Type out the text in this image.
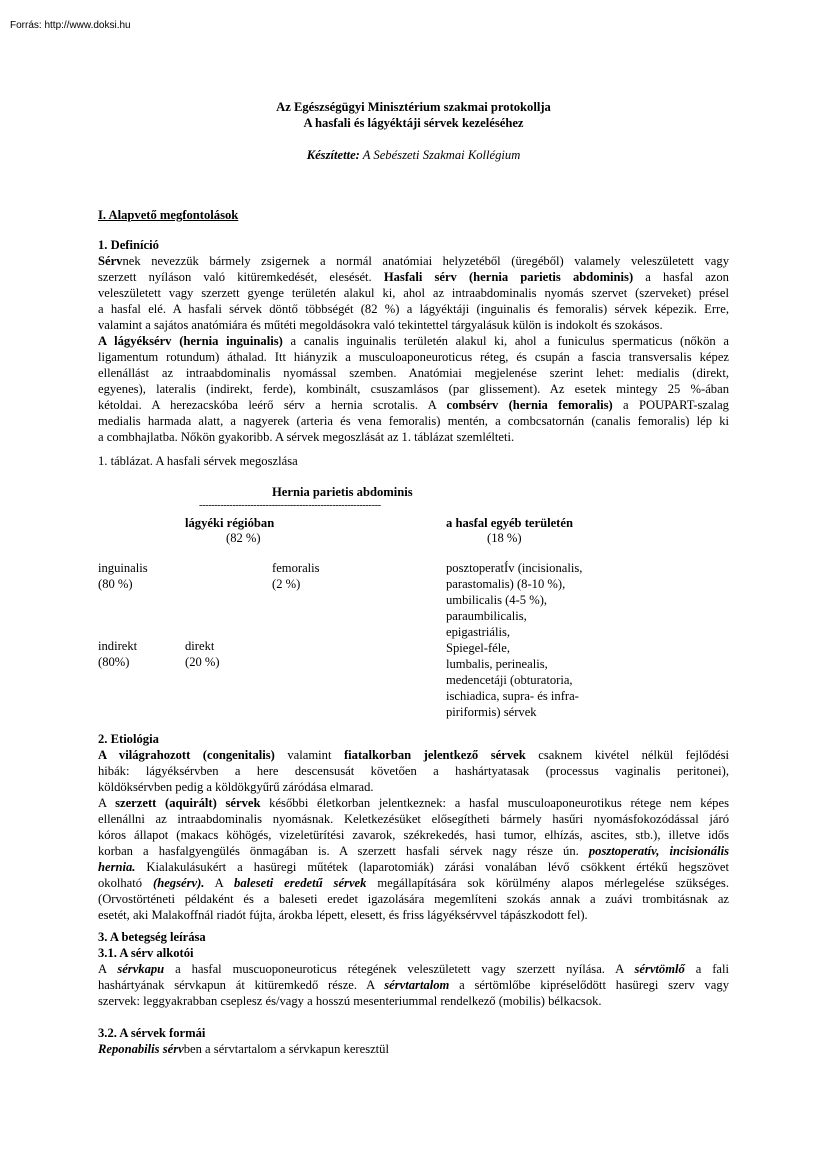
Forrás: http://www.doksi.hu
Az Egészségügyi Minisztérium szakmai protokollja
A hasfali és lágyéktáji sérvek kezeléséhez
Készítette: A Sebészeti Szakmai Kollégium
I. Alapvető megfontolások
1. Definíció
Sérvnek nevezzük bármely zsigernek a normál anatómiai helyzetéből (üregéből) valamely veleszületett vagy
szerzett nyíláson való kitüremkedését, elesését. Hasfali sérv (hernia parietis abdominis) a hasfal azon
veleszületett vagy szerzett gyenge területén alakul ki, ahol az intraabdominalis nyomás szervet (szerveket) présel
a hasfal elé. A hasfali sérvek döntő többségét (82 %) a lágyéktáji (inguinalis és femoralis) sérvek képezik. Erre,
valamint a sajátos anatómiára és műtéti megoldásokra való tekintettel tárgyalásuk külön is indokolt és szokásos.
A lágyéksérv (hernia inguinalis) a canalis inguinalis területén alakul ki, ahol a funiculus spermaticus (nőkön a
ligamentum rotundum) áthalad. Itt hiányzik a musculoaponeuroticus réteg, és csupán a fascia transversalis képez
ellenállást az intraabdominalis nyomással szemben. Anatómiai megjelenése szerint lehet: medialis (direkt,
egyenes), lateralis (indirekt, ferde), kombinált, csuszamlásos (par glissement). Az esetek mintegy 25 %-ában
kétoldai. A herezacskóba leérő sérv a hernia scrotalis. A combsérv (hernia femoralis) a POUPART-szalag
medialis harmada alatt, a nagyerek (arteria és vena femoralis) mentén, a combcsatornán (canalis femoralis) lép ki
a combhajlatba. Nőkön gyakoribb. A sérvek megoszlását az 1. táblázat szemlélteti.
1. táblázat. A hasfali sérvek megoszlása
Hernia parietis abdominis
------------------------------------------------------------
lágyéki régióban
(82 %)
a hasfal egyéb területén
(18 %)
inguinalis
(80 %)
femoralis
(2 %)
indirekt
(80%)
direkt
(20 %)
posztoperatÍv (incisionalis,
parastomalis) (8-10 %),
umbilicalis (4-5 %),
paraumbilicalis,
epigastriális,
Spiegel-féle,
lumbalis, perinealis,
medencetáji (obturatoria,
ischiadica, supra- és infra-
piriformis) sérvek
2. Etiológia
A világrahozott (congenitalis) valamint fiatalkorban jelentkező sérvek csaknem kivétel nélkül fejlődési
hibák: lágyéksérvben a here descensusát követően a hashártyatasak (processus vaginalis peritonei),
köldöksérvben pedig a köldökgyűrű záródása elmarad.
A szerzett (aquirált) sérvek későbbi életkorban jelentkeznek: a hasfal musculoaponeurotikus rétege nem képes
ellenállni az intraabdominalis nyomásnak. Keletkezésüket elősegítheti bármely hasűri nyomásfokozódással járó
kóros állapot (makacs köhögés, vizeletürítési zavarok, székrekedés, hasi tumor, elhízás, ascites, stb.), illetve idős
korban a hasfalgyengülés önmagában is. A szerzett hasfali sérvek nagy része ún. posztoperatív, incisionális
hernia. Kialakulásukért a hasüregi műtétek (laparotomiák) zárási vonalában lévő csökkent értékű hegszövet
okolható (hegsérv). A baleseti eredetű sérvek megállapítására sok körülmény alapos mérlegelése szükséges.
(Orvostörténeti példaként és a baleseti eredet igazolására megemlíteni szokás annak a zuávi trombitásnak az
esetét, aki Malakoffnál riadót fújta, árokba lépett, elesett, és friss lágyéksérvvel tápászkodott fel).
3. A betegség leírása
3.1. A sérv alkotói
A sérvkapu a hasfal muscuoponeuroticus rétegének veleszületett vagy szerzett nyílása. A sérvtömlő a fali
hashártyának sérvkapun át kitüremkedő része. A sérvtartalom a sértömlőbe kipréselődött hasüregi szerv vagy
szervek: leggyakrabban cseplesz és/vagy a hosszú mesenteriummal rendelkező (mobilis) bélkacsok.
3.2. A sérvek formái
Reponabilis sérvben a sérvtartalom a sérvkapun keresztül
